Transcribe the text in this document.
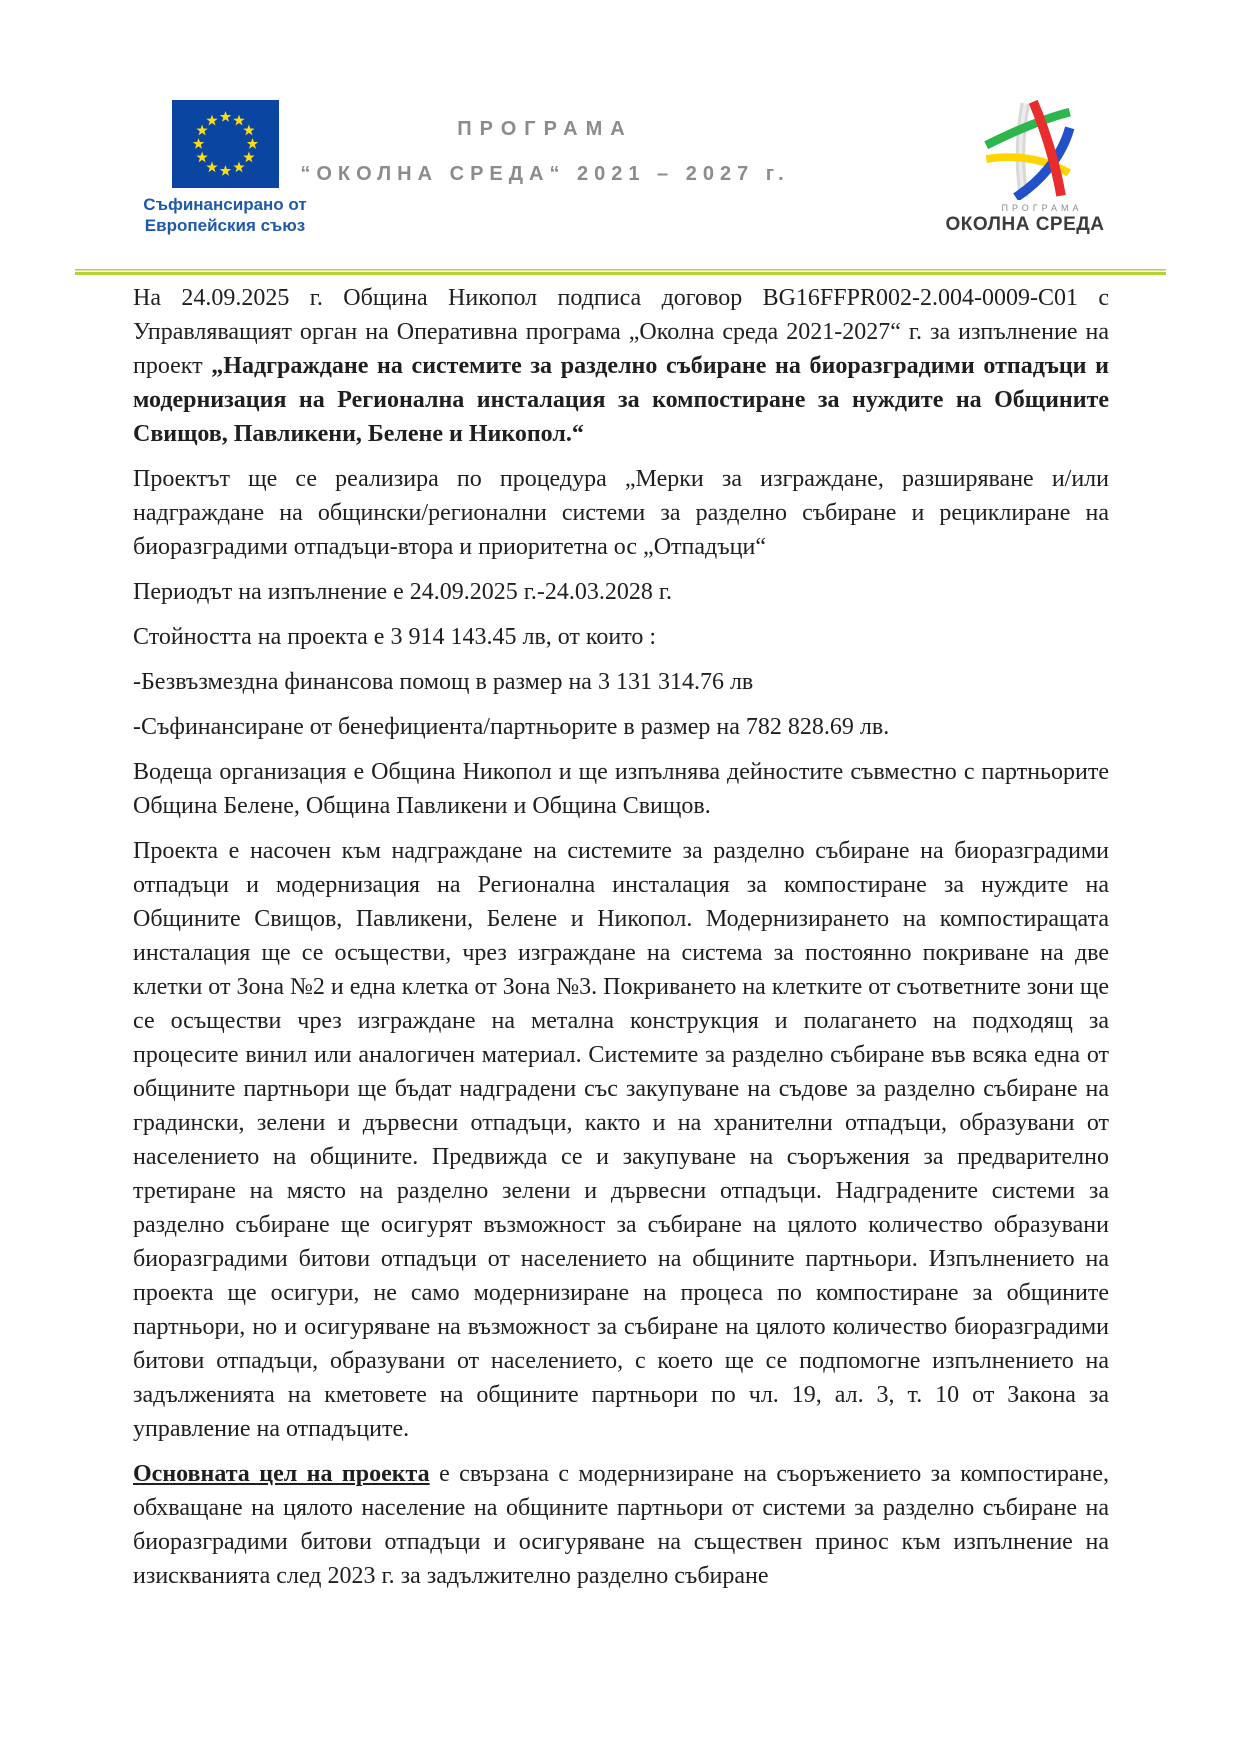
Съфинансирано от
Европейския съюз
ПРОГРАМА
“ОКОЛНА СРЕДА“ 2021 – 2027 г.
ПРОГРАМА
ОКОЛНА СРЕДА

На 24.09.2025 г. Община Никопол подписа договор BG16FFPR002-2.004-0009-C01 с Управляващият орган на Оперативна програма „Околна среда 2021-2027“ г. за изпълнение на проект „Надграждане на системите за разделно събиране на биоразградими отпадъци и модернизация на Регионална инсталация за компостиране за нуждите на Общините Свищов, Павликени, Белене и Никопол.“

Проектът ще се реализира по процедура „Мерки за изграждане, разширяване и/или надграждане на общински/регионални системи за разделно събиране и рециклиране на биоразградими отпадъци-втора и приоритетна ос „Отпадъци“

Периодът на изпълнение е 24.09.2025 г.-24.03.2028 г.

Стойността на проекта е 3 914 143.45 лв, от които :

-Безвъзмездна финансова помощ в размер на 3 131 314.76 лв

-Съфинансиране от бенефициента/партньорите в размер на 782 828.69 лв.

Водеща организация е Община Никопол и ще изпълнява дейностите съвместно с партньорите Община Белене, Община Павликени и Община Свищов.

Проекта е насочен към надграждане на системите за разделно събиране на биоразградими отпадъци и модернизация на Регионална инсталация за компостиране за нуждите на Общините Свищов, Павликени, Белене и Никопол. Модернизирането на компостиращата инсталация ще се осъществи, чрез изграждане на система за постоянно покриване на две клетки от Зона №2 и една клетка от Зона №3. Покриването на клетките от съответните зони ще се осъществи чрез изграждане на метална конструкция и полагането на подходящ за процесите винил или аналогичен материал. Системите за разделно събиране във всяка една от общините партньори ще бъдат надградени със закупуване на съдове за разделно събиране на градински, зелени и дървесни отпадъци, както и на хранителни отпадъци, образувани от населението на общините. Предвижда се и закупуване на съоръжения за предварително третиране на място на разделно зелени и дървесни отпадъци. Надградените системи за разделно събиране ще осигурят възможност за събиране на цялото количество образувани биоразградими битови отпадъци от населението на общините партньори. Изпълнението на проекта ще осигури, не само модернизиране на процеса по компостиране за общините партньори, но и осигуряване на възможност за събиране на цялото количество биоразградими битови отпадъци, образувани от населението, с което ще се подпомогне изпълнението на задълженията на кметовете на общините партньори по чл. 19, ал. 3, т. 10 от Закона за управление на отпадъците.

Основната цел на проекта е свързана с модернизиране на съоръжението за компостиране, обхващане на цялото население на общините партньори от системи за разделно събиране на биоразградими битови отпадъци и осигуряване на съществен принос към изпълнение на изискванията след 2023 г. за задължително разделно събиране
